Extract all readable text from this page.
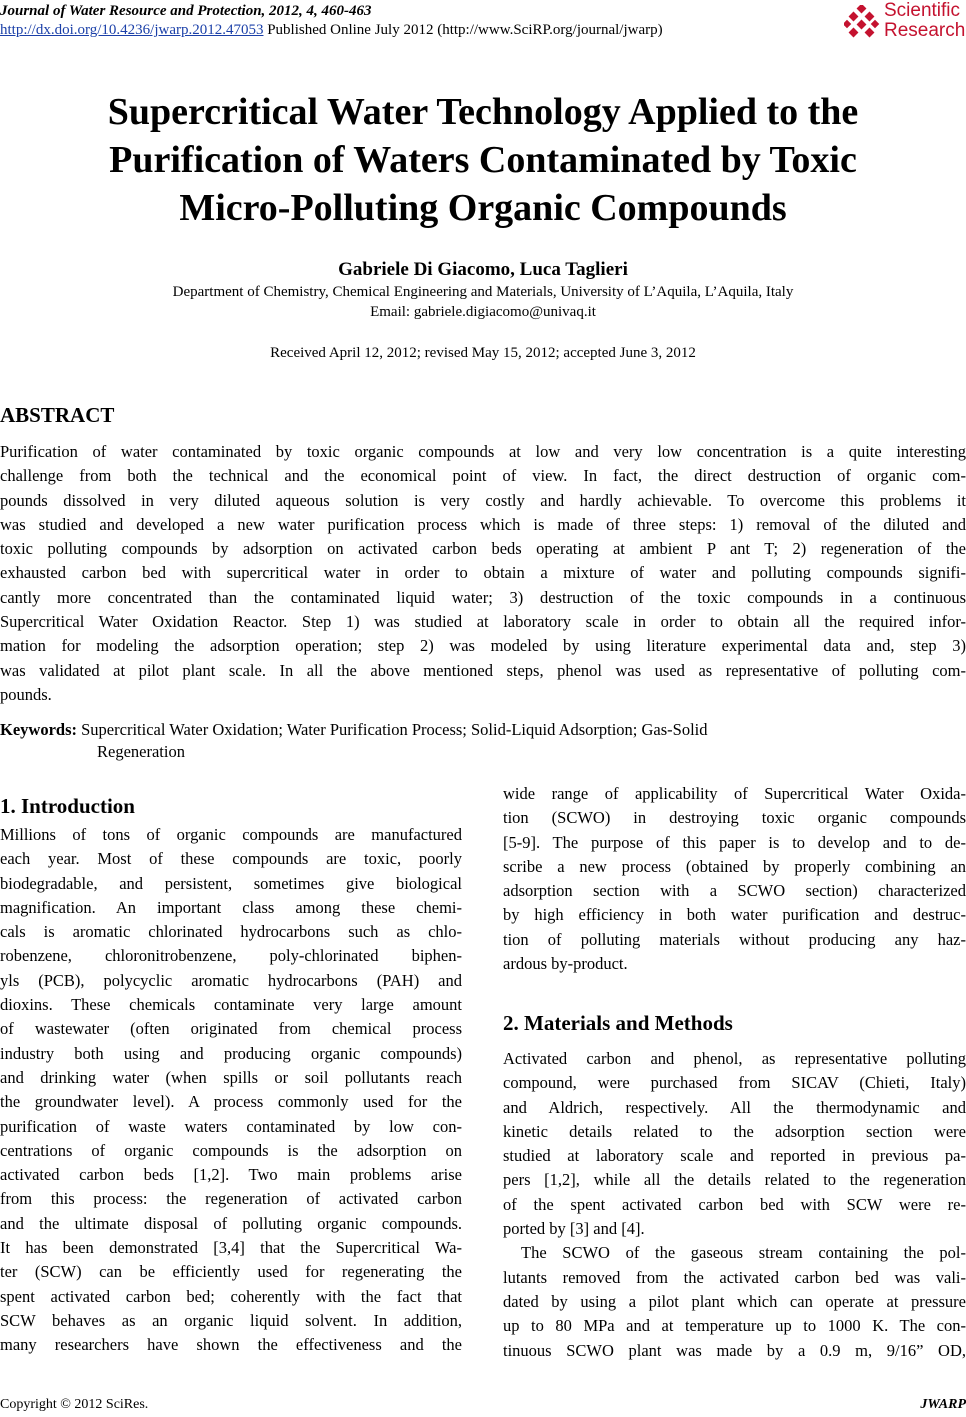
Journal of Water Resource and Protection, 2012, 4, 460-463
http://dx.doi.org/10.4236/jwarp.2012.47053 Published Online July 2012 (http://www.SciRP.org/journal/jwarp)
Scientific
Research
Supercritical Water Technology Applied to the
Purification of Waters Contaminated by Toxic
Micro-Polluting Organic Compounds
Gabriele Di Giacomo, Luca Taglieri
Department of Chemistry, Chemical Engineering and Materials, University of L’Aquila, L’Aquila, Italy
Email: gabriele.digiacomo@univaq.it
Received April 12, 2012; revised May 15, 2012; accepted June 3, 2012
ABSTRACT
Purification of water contaminated by toxic organic compounds at low and very low concentration is a quite interesting
challenge from both the technical and the economical point of view. In fact, the direct destruction of organic com-
pounds dissolved in very diluted aqueous solution is very costly and hardly achievable. To overcome this problems it
was studied and developed a new water purification process which is made of three steps: 1) removal of the diluted and
toxic polluting compounds by adsorption on activated carbon beds operating at ambient P ant T; 2) regeneration of the
exhausted carbon bed with supercritical water in order to obtain a mixture of water and polluting compounds signifi-
cantly more concentrated than the contaminated liquid water; 3) destruction of the toxic compounds in a continuous
Supercritical Water Oxidation Reactor. Step 1) was studied at laboratory scale in order to obtain all the required infor-
mation for modeling the adsorption operation; step 2) was modeled by using literature experimental data and, step 3)
was validated at pilot plant scale. In all the above mentioned steps, phenol was used as representative of polluting com-
pounds.
Keywords: Supercritical Water Oxidation; Water Purification Process; Solid-Liquid Adsorption; Gas-Solid
Regeneration
1. Introduction
Millions of tons of organic compounds are manufactured
each year. Most of these compounds are toxic, poorly
biodegradable, and persistent, sometimes give biological
magnification. An important class among these chemi-
cals is aromatic chlorinated hydrocarbons such as chlo-
robenzene, chloronitrobenzene, poly-chlorinated biphen-
yls (PCB), polycyclic aromatic hydrocarbons (PAH) and
dioxins. These chemicals contaminate very large amount
of wastewater (often originated from chemical process
industry both using and producing organic compounds)
and drinking water (when spills or soil pollutants reach
the groundwater level). A process commonly used for the
purification of waste waters contaminated by low con-
centrations of organic compounds is the adsorption on
activated carbon beds [1,2]. Two main problems arise
from this process: the regeneration of activated carbon
and the ultimate disposal of polluting organic compounds.
It has been demonstrated [3,4] that the Supercritical Wa-
ter (SCW) can be efficiently used for regenerating the
spent activated carbon bed; coherently with the fact that
SCW behaves as an organic liquid solvent. In addition,
many researchers have shown the effectiveness and the
wide range of applicability of Supercritical Water Oxida-
tion (SCWO) in destroying toxic organic compounds
[5-9]. The purpose of this paper is to develop and to de-
scribe a new process (obtained by properly combining an
adsorption section with a SCWO section) characterized
by high efficiency in both water purification and destruc-
tion of polluting materials without producing any haz-
ardous by-product.
2. Materials and Methods
Activated carbon and phenol, as representative polluting
compound, were purchased from SICAV (Chieti, Italy)
and Aldrich, respectively. All the thermodynamic and
kinetic details related to the adsorption section were
studied at laboratory scale and reported in previous pa-
pers [1,2], while all the details related to the regeneration
of the spent activated carbon bed with SCW were re-
ported by [3] and [4].
The SCWO of the gaseous stream containing the pol-
lutants removed from the activated carbon bed was vali-
dated by using a pilot plant which can operate at pressure
up to 80 MPa and at temperature up to 1000 K. The con-
tinuous SCWO plant was made by a 0.9 m, 9/16” OD,
Copyright © 2012 SciRes.	JWARP
